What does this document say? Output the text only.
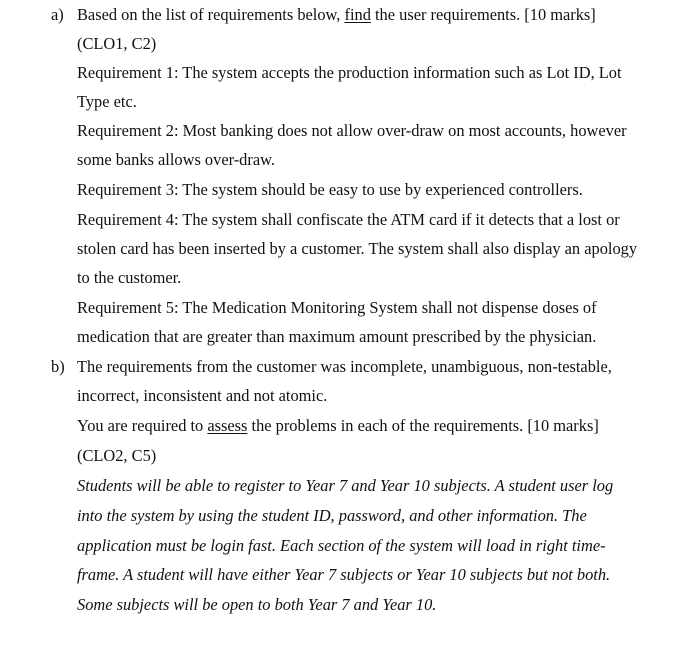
a) Based on the list of requirements below, find the user requirements. [10 marks]
(CLO1, C2)
Requirement 1: The system accepts the production information such as Lot ID, Lot
Type etc.
Requirement 2: Most banking does not allow over-draw on most accounts, however
some banks allows over-draw.
Requirement 3: The system should be easy to use by experienced controllers.
Requirement 4: The system shall confiscate the ATM card if it detects that a lost or
stolen card has been inserted by a customer. The system shall also display an apology
to the customer.
Requirement 5: The Medication Monitoring System shall not dispense doses of
medication that are greater than maximum amount prescribed by the physician.
b) The requirements from the customer was incomplete, unambiguous, non-testable,
incorrect, inconsistent and not atomic.
You are required to assess the problems in each of the requirements. [10 marks]
(CLO2, C5)
Students will be able to register to Year 7 and Year 10 subjects. A student user log
into the system by using the student ID, password, and other information. The
application must be login fast. Each section of the system will load in right time-
frame. A student will have either Year 7 subjects or Year 10 subjects but not both.
Some subjects will be open to both Year 7 and Year 10.
